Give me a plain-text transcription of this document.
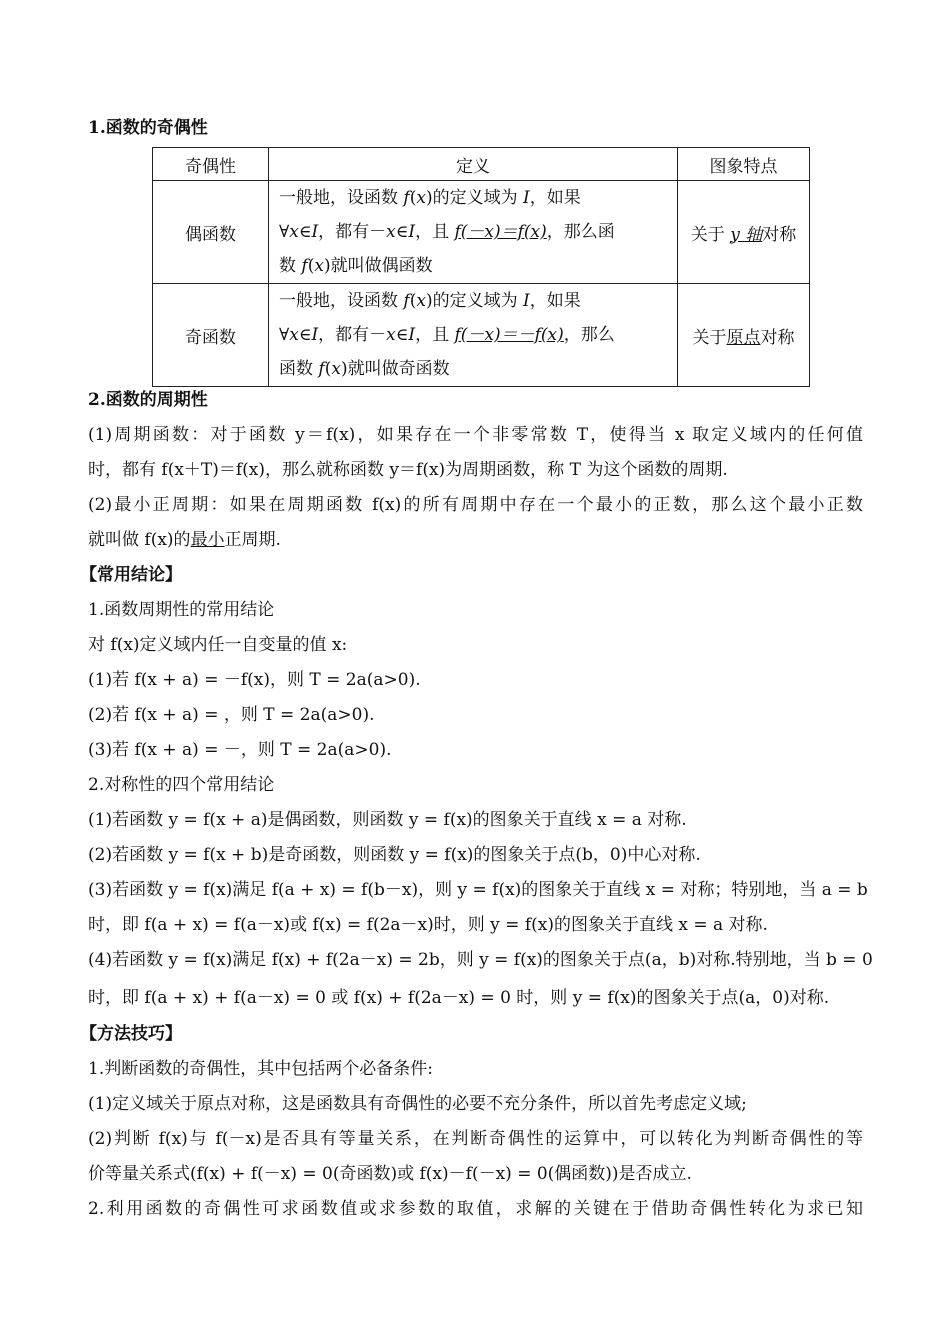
1.函数的奇偶性
奇偶性	定义	图象特点
偶函数	一般地，设函数 f(x)的定义域为 I，如果
∀x∈I，都有－x∈I，且 f(－x)＝f(x)，那么函
数 f(x)就叫做偶函数	关于 y 轴对称
奇函数	一般地，设函数 f(x)的定义域为 I，如果
∀x∈I，都有－x∈I，且 f(－x)＝－f(x)，那么
函数 f(x)就叫做奇函数	关于原点对称
2.函数的周期性
(1)周期函数：对于函数 y＝f(x)，如果存在一个非零常数 T，使得当 x 取定义域内的任何值
时，都有 f(x＋T)＝f(x)，那么就称函数 y＝f(x)为周期函数，称 T 为这个函数的周期.
(2)最小正周期：如果在周期函数 f(x)的所有周期中存在一个最小的正数，那么这个最小正数
就叫做 f(x)的最小正周期.
【常用结论】
1.函数周期性的常用结论
对 f(x)定义域内任一自变量的值 x:
(1)若 f(x + a) = －f(x)，则 T = 2a(a>0).
(2)若 f(x + a) = ，则 T = 2a(a>0).
(3)若 f(x + a) = －，则 T = 2a(a>0).
2.对称性的四个常用结论
(1)若函数 y = f(x + a)是偶函数，则函数 y = f(x)的图象关于直线 x = a 对称.
(2)若函数 y = f(x + b)是奇函数，则函数 y = f(x)的图象关于点(b，0)中心对称.
(3)若函数 y = f(x)满足 f(a + x) = f(b－x)，则 y = f(x)的图象关于直线 x = 对称；特别地，当 a = b
时，即 f(a + x) = f(a－x)或 f(x) = f(2a－x)时，则 y = f(x)的图象关于直线 x = a 对称.
(4)若函数 y = f(x)满足 f(x) + f(2a－x) = 2b，则 y = f(x)的图象关于点(a，b)对称.特别地，当 b = 0
时，即 f(a + x) + f(a－x) = 0 或 f(x) + f(2a－x) = 0 时，则 y = f(x)的图象关于点(a，0)对称.
【方法技巧】
1.判断函数的奇偶性，其中包括两个必备条件:
(1)定义域关于原点对称，这是函数具有奇偶性的必要不充分条件，所以首先考虑定义域;
(2)判断 f(x)与 f(－x)是否具有等量关系，在判断奇偶性的运算中，可以转化为判断奇偶性的等
价等量关系式(f(x) + f(－x) = 0(奇函数)或 f(x)－f(－x) = 0(偶函数))是否成立.
2.利用函数的奇偶性可求函数值或求参数的取值，求解的关键在于借助奇偶性转化为求已知
